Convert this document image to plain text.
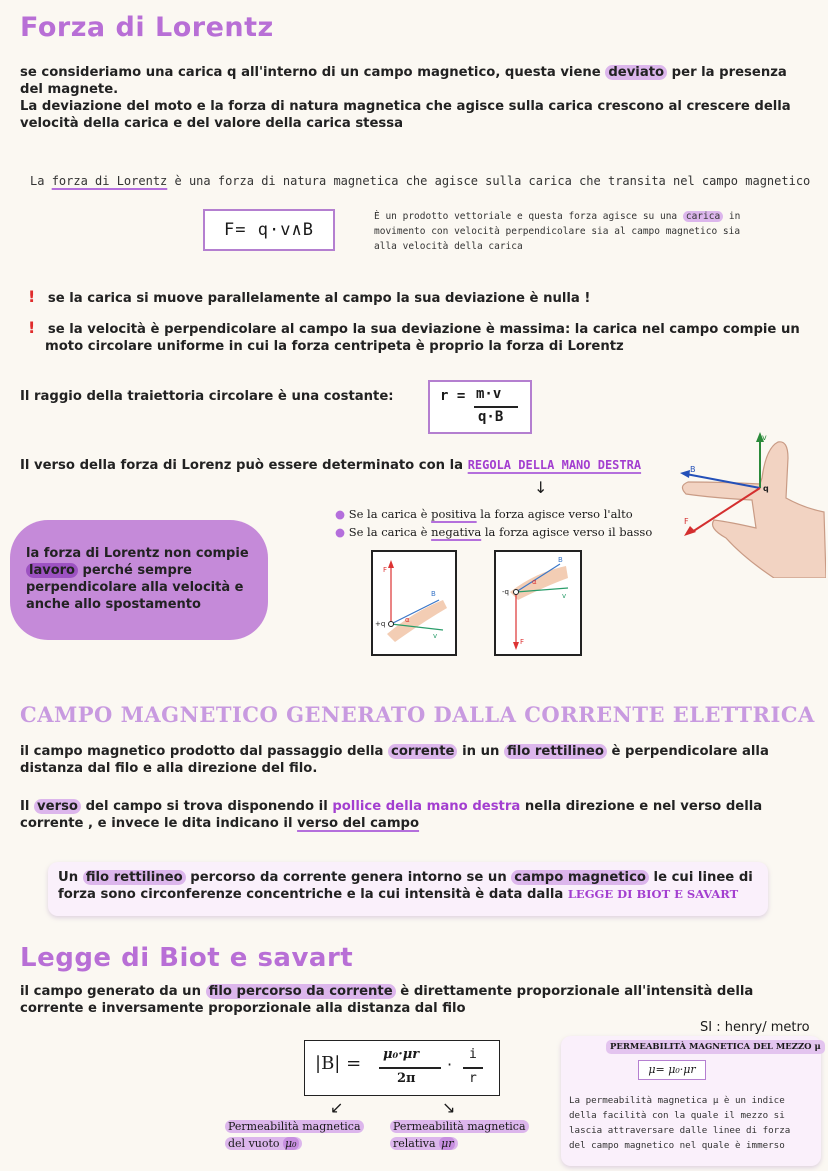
Forza di Lorentz
se consideriamo una carica q all'interno di un campo magnetico, questa viene deviato per la presenza
del magnete.
La deviazione del moto e la forza di natura magnetica che agisce sulla carica crescono al crescere della
velocità della carica e del valore della carica stessa
La forza di Lorentz è una forza di natura magnetica che agisce sulla carica che transita nel campo magnetico
F= q·v∧B
È un prodotto vettoriale e questa forza agisce su una carica in
movimento con velocità perpendicolare sia al campo magnetico sia
alla velocità della carica
! se la carica si muove parallelamente al campo la sua deviazione è nulla !
! se la velocità è perpendicolare al campo la sua deviazione è massima: la carica nel campo compie un
moto circolare uniforme in cui la forza centripeta è proprio la forza di Lorentz
Il raggio della traiettoria circolare è una costante:	r = m·v
q·B
Il verso della forza di Lorenz può essere determinato con la REGOLA DELLA MANO DESTRA
↓
● Se la carica è positiva la forza agisce verso l'alto
● Se la carica è negativa la forza agisce verso il basso
la forza di Lorentz non compie
lavoro perché sempre
perpendicolare alla velocità e
anche allo spostamento
F
B
+q
v
α
F
B
-q	v
α
v
B
F
q
CAMPO MAGNETICO GENERATO DALLA CORRENTE ELETTRICA
il campo magnetico prodotto dal passaggio della corrente in un filo rettilineo è perpendicolare alla
distanza dal filo e alla direzione del filo.
Il verso del campo si trova disponendo il pollice della mano destra nella direzione e nel verso della
corrente , e invece le dita indicano il verso del campo
Un filo rettilineo percorso da corrente genera intorno se un campo magnetico le cui linee di
forza sono circonferenze concentriche e la cui intensità è data dalla LEGGE DI BIOT E SAVART
Legge di Biot e savart
il campo generato da un filo percorso da corrente è direttamente proporzionale all'intensità della
corrente e inversamente proporzionale alla distanza dal filo
SI : henry/ metro
|B| = μ₀·μr
2π
·
i
r
↙	↘
Permeabilità magnetica
del vuoto μ₀
Permeabilità magnetica
relativa μr
PERMEABILITÀ MAGNETICA DEL MEZZO μ
μ= μ₀·μr
La permeabilità magnetica μ è un indice
della facilità con la quale il mezzo si
lascia attraversare dalle linee di forza
del campo magnetico nel quale è immerso
